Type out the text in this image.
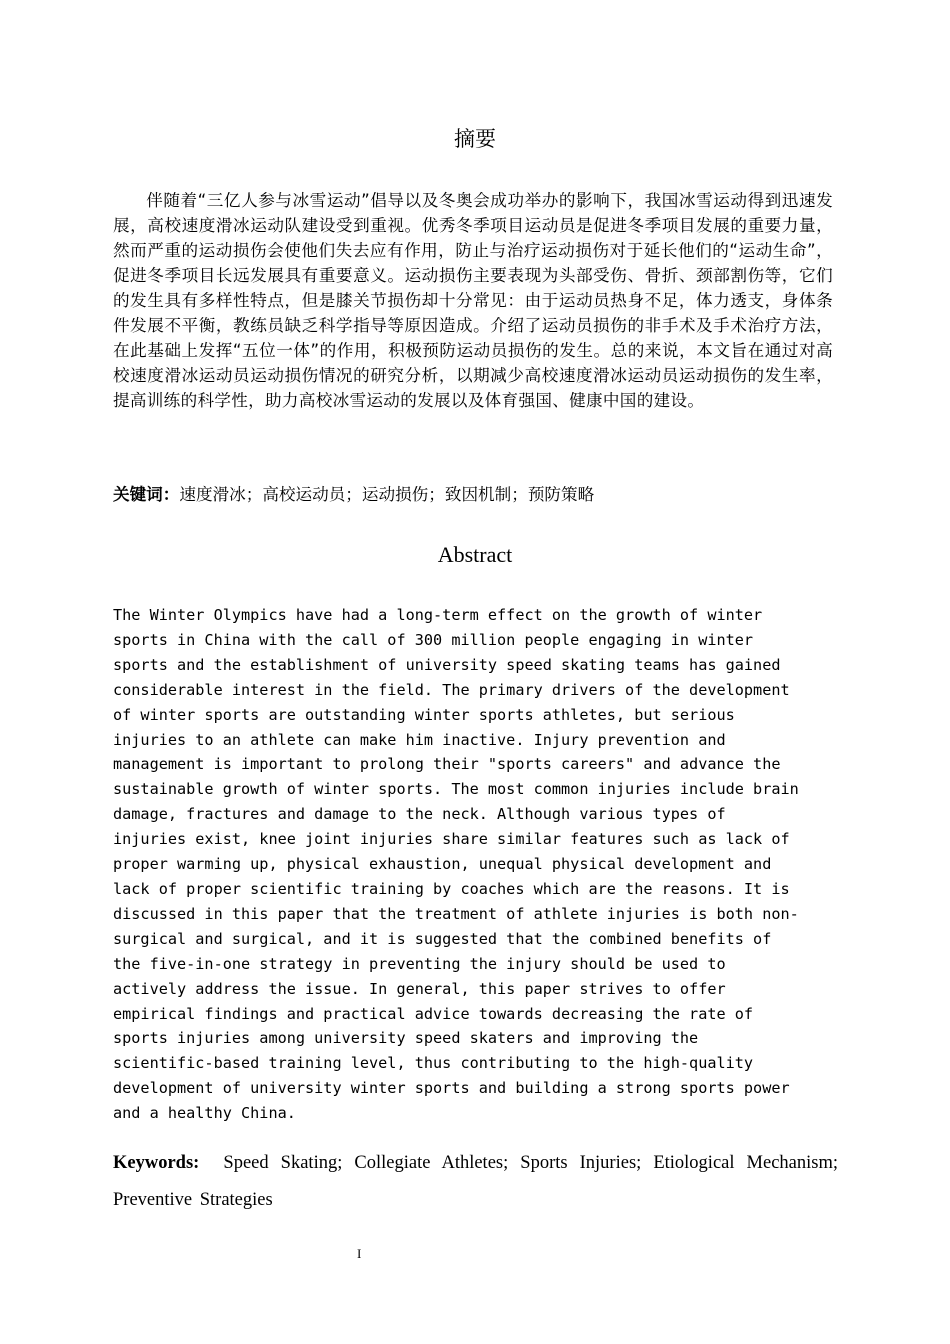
摘要

伴随着“三亿人参与冰雪运动”倡导以及冬奥会成功举办的影响下，我国冰雪运动得到迅速发展，高校速度滑冰运动队建设受到重视。优秀冬季项目运动员是促进冬季项目发展的重要力量，然而严重的运动损伤会使他们失去应有作用，防止与治疗运动损伤对于延长他们的“运动生命”，促进冬季项目长远发展具有重要意义。运动损伤主要表现为头部受伤、骨折、颈部割伤等，它们的发生具有多样性特点，但是膝关节损伤却十分常见：由于运动员热身不足，体力透支，身体条件发展不平衡，教练员缺乏科学指导等原因造成。介绍了运动员损伤的非手术及手术治疗方法，在此基础上发挥“五位一体”的作用，积极预防运动员损伤的发生。总的来说，本文旨在通过对高校速度滑冰运动员运动损伤情况的研究分析，以期减少高校速度滑冰运动员运动损伤的发生率，提高训练的科学性，助力高校冰雪运动的发展以及体育强国、健康中国的建设。

关键词：速度滑冰；高校运动员；运动损伤；致因机制；预防策略

Abstract

The Winter Olympics have had a long-term effect on the growth of winter
sports in China with the call of 300 million people engaging in winter
sports and the establishment of university speed skating teams has gained
considerable interest in the field. The primary drivers of the development
of winter sports are outstanding winter sports athletes, but serious
injuries to an athlete can make him inactive. Injury prevention and
management is important to prolong their "sports careers" and advance the
sustainable growth of winter sports. The most common injuries include brain
damage, fractures and damage to the neck. Although various types of
injuries exist, knee joint injuries share similar features such as lack of
proper warming up, physical exhaustion, unequal physical development and
lack of proper scientific training by coaches which are the reasons. It is
discussed in this paper that the treatment of athlete injuries is both non-
surgical and surgical, and it is suggested that the combined benefits of
the five-in-one strategy in preventing the injury should be used to
actively address the issue. In general, this paper strives to offer
empirical findings and practical advice towards decreasing the rate of
sports injuries among university speed skaters and improving the
scientific-based training level, thus contributing to the high-quality
development of university winter sports and building a strong sports power
and a healthy China.

Keywords: Speed Skating; Collegiate Athletes; Sports Injuries; Etiological Mechanism; Preventive Strategies

I
